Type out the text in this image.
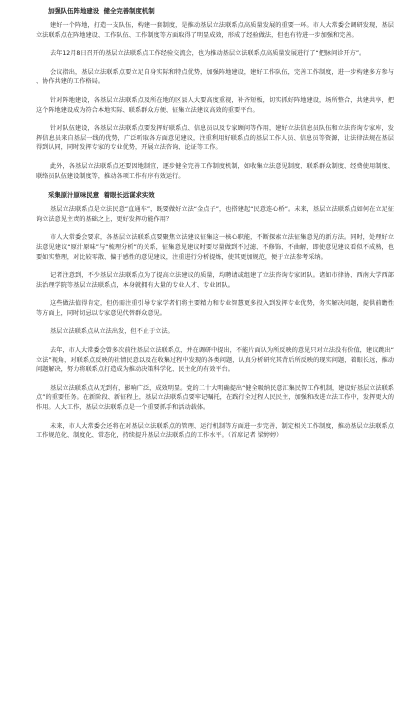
加强队伍阵地建设  健全完善制度机制

建好一个阵地，打造一支队伍，构建一套制度，是推动基层立法联系点高质量发展的重要一环。市人大常委会调研发现，基层立法联系点在阵地建设、工作队伍、工作制度等方面取得了明显成效，形成了经验做法，但也有待进一步加强和完善。

去年12月8日召开的基层立法联系点工作经验交流会，也为推动基层立法联系点高质量发展进行了“把脉问诊开方”。

会议指出，基层立法联系点要立足自身实际和特点优势，加强阵地建设，建好工作队伍，完善工作制度，进一步构建多方参与、协作共建的工作格局。

针对阵地建设，各基层立法联系点及所在地的区县人大要高度重视，补齐短板，切实抓好阵地建设，场所整合，共建共享，把这个阵地建设成为符合本地实际、联系群众方便、征集立法建议高效的重要平台。

针对队伍建设，各基层立法联系点要发挥好联系点、信息员以及专家顾问等作用，建好立法信息员队伍和立法咨询专家库，发挥信息员来自基层一线的优势，广泛听取各方面意见建议，注重利用好联系点的基层工作人员、信息员等资源，让法律法规在基层得到认同，同时发挥专家的专业优势，开展立法咨询、论证等工作。

此外，各基层立法联系点还要因地制宜，逐步健全完善工作制度机制，如收集立法意见制度、联系群众制度、经费使用制度、联络员队伍建设制度等，推动各项工作有序有效运行。

采集原汁原味民意  着眼长远谋求实效

基层立法联系点是立法民意“直通车”，既要做好立法“金点子”，也搭建起“民意连心桥”。未来，基层立法联系点如何在立足征询立法意见主责的基础之上，更好发挥功能作用？

市人大常委会要求，各基层立法联系点要聚焦立法建议征集这一核心职能，不断探索立法征集意见的新方法。同时，处理好立法意见建议“原汁原味”与“梳理分析”的关系，征集意见建议时要尽量做到不过滤、不修饰、不曲解，即使意见建议看似不成熟，也要如实整理，对比较零散、偏于感性的意见建议，注重进行分析提炼，使其更加规范，便于立法参考采纳。

记者注意到，不少基层立法联系点为了提高立法建议的质量，均聘请或组建了立法咨询专家团队。诸如市律协、西南大学西部法治理学院等基层立法联系点，本身就拥有大量的专业人才、专业团队。

这些做法值得肯定，但仍需注重引导专家学者们将主要精力和专业智慧更多投入到发挥专业优势，务实解决问题，提供前瞻性等方面上，同时切忌以专家意见代替群众意见。

基层立法联系点从立法出发，但不止于立法。

去年，市人大常委会曾多次前往基层立法联系点，并在调研中提出，不能片面认为所反映的意见只对立法没有价值，建议跳出“立法”视角，对联系点反映的社情民意以及在收集过程中发现的各类问题，认真分析研究其背后所反映的现实问题，着眼长远，推动问题解决，努力将联系点打造成为推动决策科学化、民主化的有效平台。

基层立法联系点从无到有，影响广泛，成效明显。党的二十大明确提出“健全吸纳民意汇集民智工作机制，建设好基层立法联系点”的重要任务。在新阶段、新征程上，基层立法联系点要牢记嘱托，在践行全过程人民民主，加强和改进立法工作中，发挥更大的作用。人大工作，基层立法联系点是一个重要抓手和活动载体。

未来，市人大常委会还将在对基层立法联系点的管理、运行机制等方面进一步完善，制定相关工作制度，推动基层立法联系点工作规范化、制度化、常态化，持续提升基层立法联系点的工作水平。（首席记者 梁婷婷）
